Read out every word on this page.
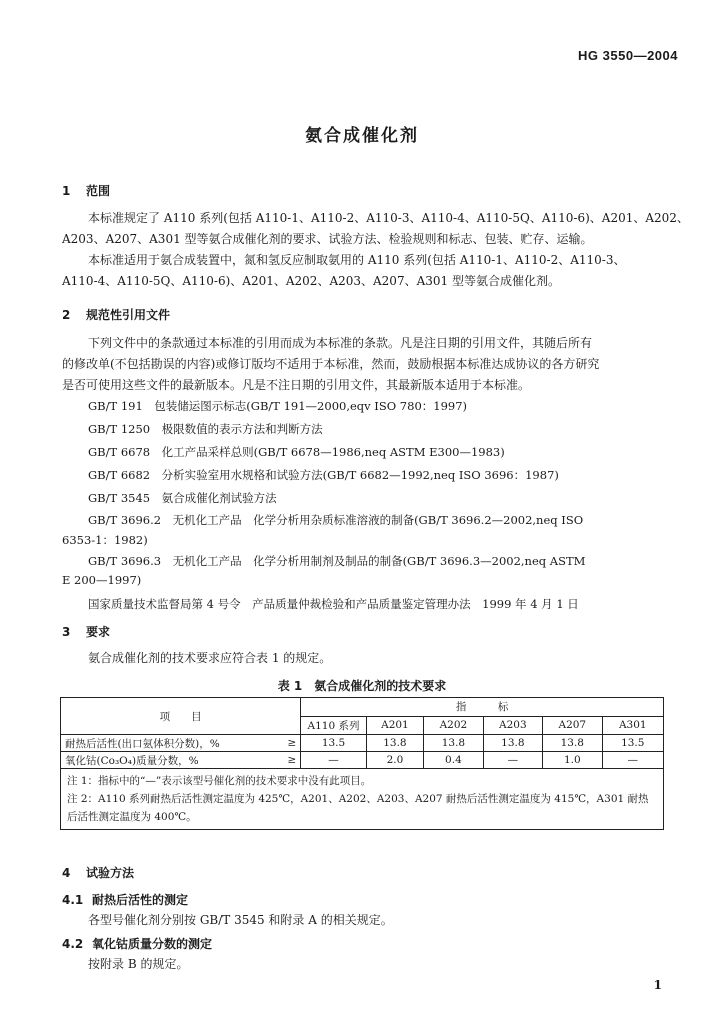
HG 3550—2004
氨合成催化剂
1 范围
本标准规定了 A110 系列(包括 A110-1、A110-2、A110-3、A110-4、A110-5Q、A110-6)、A201、A202、
A203、A207、A301 型等氨合成催化剂的要求、试验方法、检验规则和标志、包装、贮存、运输。
本标准适用于氨合成装置中，氮和氢反应制取氨用的 A110 系列(包括 A110-1、A110-2、A110-3、
A110-4、A110-5Q、A110-6)、A201、A202、A203、A207、A301 型等氨合成催化剂。
2 规范性引用文件
下列文件中的条款通过本标准的引用而成为本标准的条款。凡是注日期的引用文件，其随后所有
的修改单(不包括勘误的内容)或修订版均不适用于本标准，然而，鼓励根据本标准达成协议的各方研究
是否可使用这些文件的最新版本。凡是不注日期的引用文件，其最新版本适用于本标准。
GB/T 191　包装储运图示标志(GB/T 191—2000,eqv ISO 780：1997)
GB/T 1250　极限数值的表示方法和判断方法
GB/T 6678　化工产品采样总则(GB/T 6678—1986,neq ASTM E300—1983)
GB/T 6682　分析实验室用水规格和试验方法(GB/T 6682—1992,neq ISO 3696：1987)
GB/T 3545　氨合成催化剂试验方法
GB/T 3696.2　无机化工产品　化学分析用杂质标准溶液的制备(GB/T 3696.2—2002,neq ISO
6353-1：1982)
GB/T 3696.3　无机化工产品　化学分析用制剂及制品的制备(GB/T 3696.3—2002,neq ASTM
E 200—1997)
国家质量技术监督局第 4 号令　产品质量仲裁检验和产品质量鉴定管理办法　1999 年 4 月 1 日
3 要求
氨合成催化剂的技术要求应符合表 1 的规定。
表 1　氨合成催化剂的技术要求
项　　目		指　　　标					
		A110 系列	A201	A202	A203	A207	A301
耐热后活性(出口氨体积分数)，%	≥	13.5	13.8	13.8	13.8	13.8	13.5
氧化钴(Co₃O₄)质量分数，%	≥	—	2.0	0.4	—	1.0	—

注 1：指标中的“—”表示该型号催化剂的技术要求中没有此项目。
注 2：A110 系列耐热后活性测定温度为 425℃，A201、A202、A203、A207 耐热后活性测定温度为 415℃，A301 耐热后活性测定温度为 400℃。							
4 试验方法
4.1 耐热后活性的测定
各型号催化剂分别按 GB/T 3545 和附录 A 的相关规定。
4.2 氧化钴质量分数的测定
按附录 B 的规定。
1
